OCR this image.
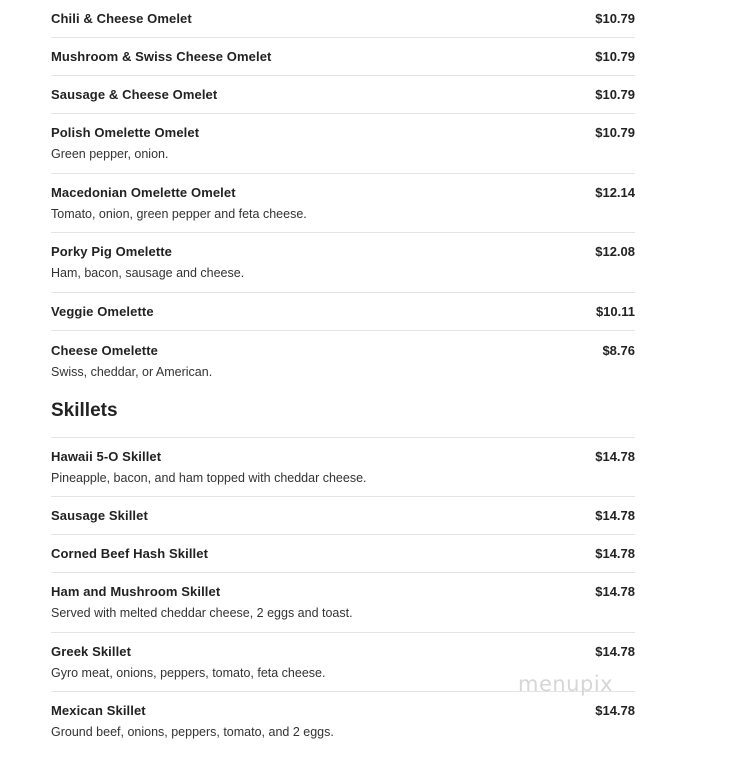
Chili & Cheese Omelet	$10.79
Mushroom & Swiss Cheese Omelet	$10.79
Sausage & Cheese Omelet	$10.79
Polish Omelette Omelet	$10.79
Green pepper, onion.
Macedonian Omelette Omelet	$12.14
Tomato, onion, green pepper and feta cheese.
Porky Pig Omelette	$12.08
Ham, bacon, sausage and cheese.
Veggie Omelette	$10.11
Cheese Omelette	$8.76
Swiss, cheddar, or American.
Skillets
Hawaii 5-O Skillet	$14.78
Pineapple, bacon, and ham topped with cheddar cheese.
Sausage Skillet	$14.78
Corned Beef Hash Skillet	$14.78
Ham and Mushroom Skillet	$14.78
Served with melted cheddar cheese, 2 eggs and toast.
Greek Skillet	$14.78
Gyro meat, onions, peppers, tomato, feta cheese.
Mexican Skillet	$14.78
Ground beef, onions, peppers, tomato, and 2 eggs.
menupix
